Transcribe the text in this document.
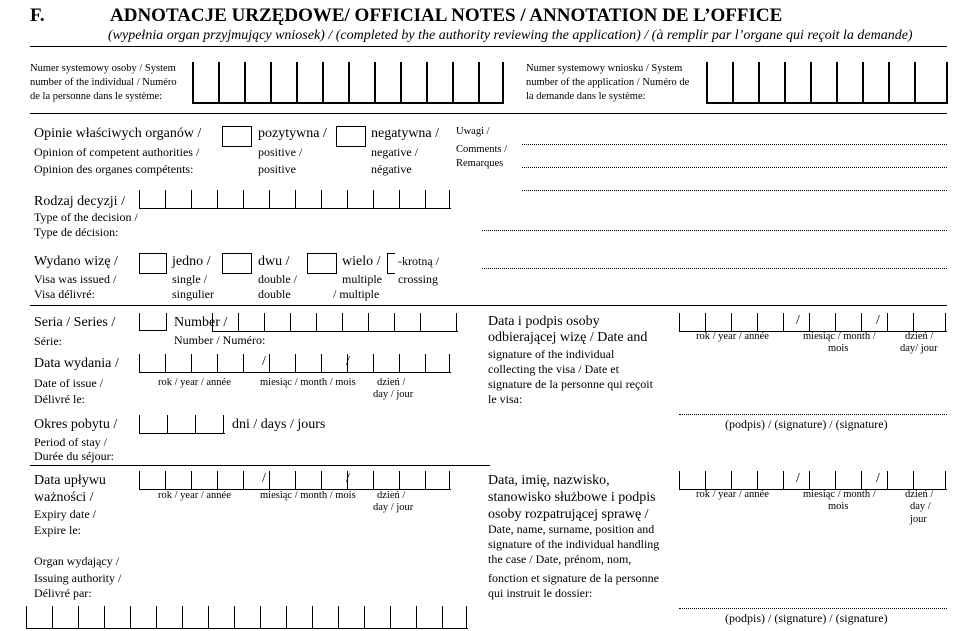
F.	ADNOTACJE URZĘDOWE/ OFFICIAL NOTES / ANNOTATION DE L’OFFICE
(wypełnia organ przyjmujący wniosek) / (completed by the authority reviewing the application) / (à remplir par l’organe qui reçoit la demande)
Numer systemowy osoby / System
number of the individual / Numéro
de la personne dans le système:
Numer systemowy wniosku / System
number of the application / Numéro de
la demande dans le système:
Opinie właściwych organów /
Opinion of competent authorities /
Opinion des organes compétents:
pozytywna /
positive /
positive
negatywna /
negative /
négative
Uwagi /
Comments /
Remarques
Rodzaj decyzji /
Type of the decision /
Type de décision:
Wydano wizę /
Visa was issued /
Visa délivré:
jedno /
single /
singulier
dwu /
double /
double
wielo /
multiple
/ multiple
-krotną /
crossing
Seria / Series /
Série:
Number /
Number / Numéro:
Data wydania /
Date of issue /
Délivré le:
/	/
rok / year / année	miesiąc / month / mois dzień /
day / jour
Okres pobytu /
Period of stay /
Durée du séjour:
dni / days / jours
Data upływu
ważności /
Expiry date /
Expire le:
/	/
rok / year / année	miesiąc / month / mois dzień /
day / jour
Organ wydający /
Issuing authority /
Délivré par:
Data i podpis osoby
odbierającej wizę / Date and
signature of the individual
collecting the visa / Date et
signature de la personne qui reçoit
le visa:
/	/
rok / year / année	miesiąc / month /
mois
dzień /
day/ jour
(podpis) / (signature) / (signature)
Data, imię, nazwisko,
stanowisko służbowe i podpis
osoby rozpatrującej sprawę /
Date, name, surname, position and
signature of the individual handling
the case / Date, prénom, nom,
fonction et signature de la personne
qui instruit le dossier:
/	/
rok / year / année	miesiąc / month /
mois
dzień /
day /
jour
(podpis) / (signature) / (signature)
